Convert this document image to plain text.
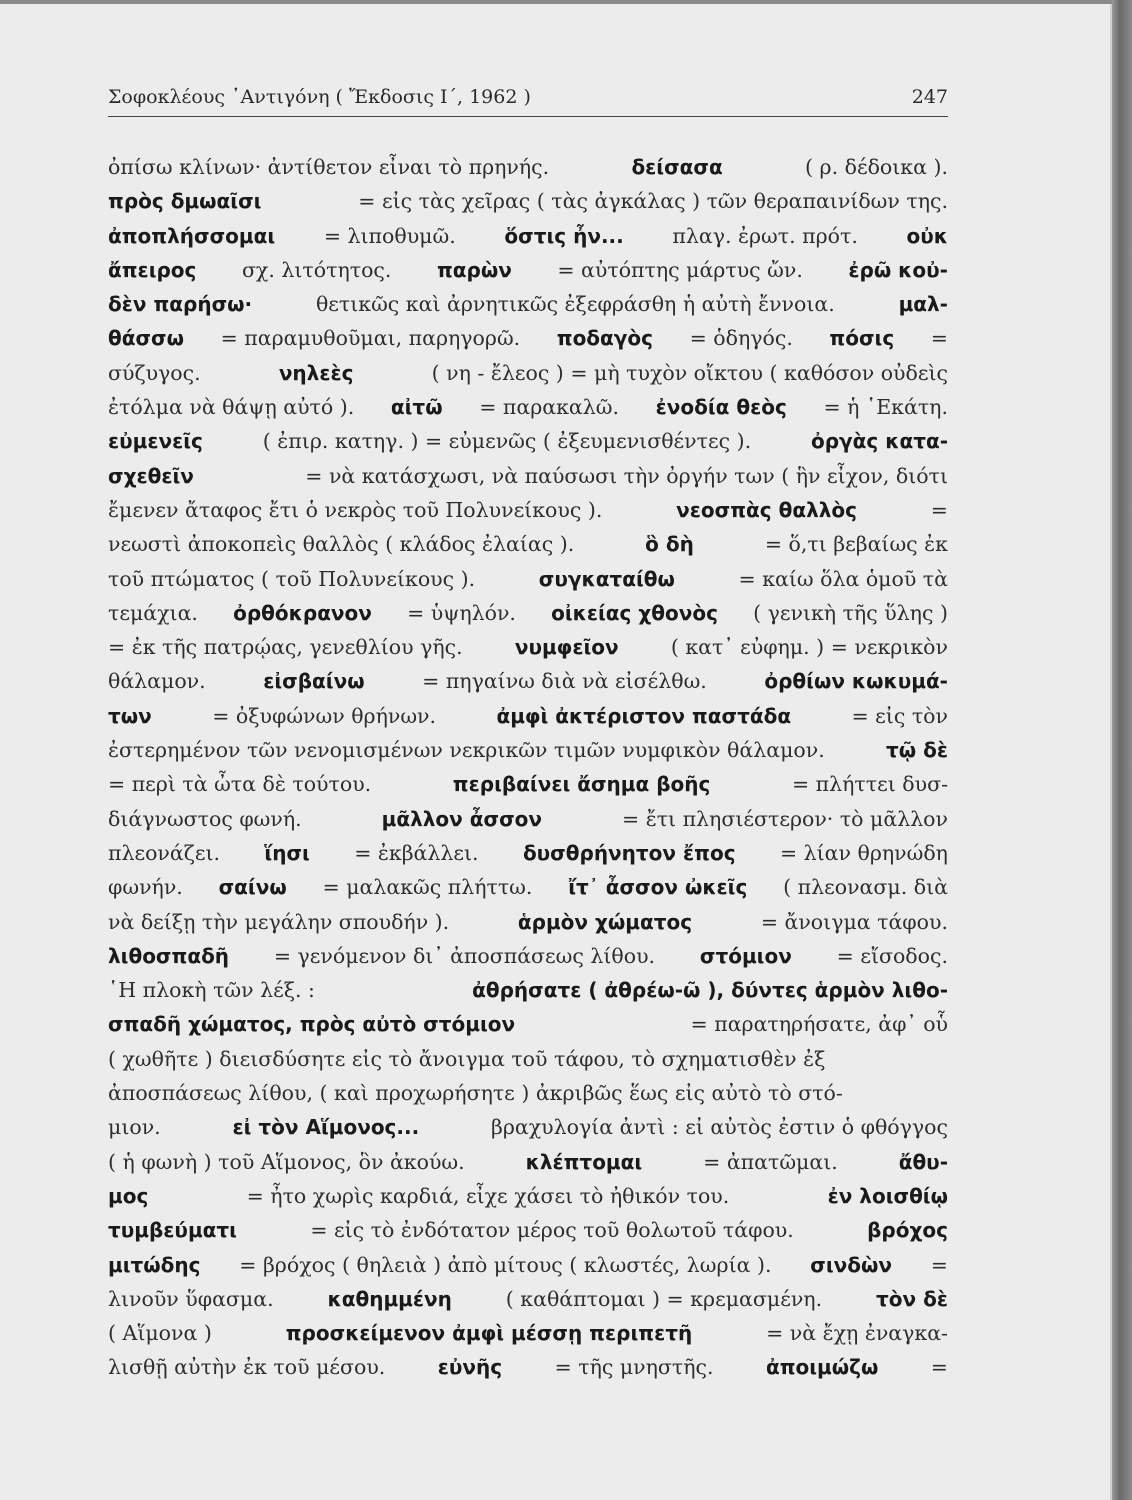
Σοφοκλέους ᾿Αντιγόνη ( Ἔκδοσις Ι΄, 1962 )	247
ὀπίσω κλίνων· ἀντίθετον εἶναι τὸ πρηνής.	δείσασα	( ρ. δέδοικα ).
πρὸς δμωαῖσι	= εἰς τὰς χεῖρας ( τὰς ἀγκάλας ) τῶν θεραπαινίδων της.
ἀποπλήσσομαι = λιποθυμῶ. ὅστις ἦν... πλαγ. ἐρωτ. πρότ. οὐκ
ἄπειρος σχ. λιτότητος. παρὼν = αὐτόπτης μάρτυς ὤν. ἐρῶ κοὐ-
δὲν παρήσω·	θετικῶς καὶ ἀρνητικῶς ἐξεφράσθη ἡ αὐτὴ ἔννοια.	μαλ-
θάσσω = παραμυθοῦμαι, παρηγορῶ. ποδαγὸς = ὁδηγός. πόσις =
σύζυγος.	νηλεὲς	( νη - ἔλεος ) = μὴ τυχὸν οἴκτου ( καθόσον οὐδεὶς
ἐτόλμα νὰ θάψῃ αὐτό ). αἰτῶ = παρακαλῶ. ἐνοδία θεὸς = ἡ ῾Εκάτη.
εὐμενεῖς	( ἐπιρ. κατηγ. ) = εὐμενῶς ( ἐξευμενισθέντες ).	ὀργὰς κατα-
σχεθεῖν	= νὰ κατάσχωσι, νὰ παύσωσι τὴν ὀργήν των ( ἣν εἶχον, διότι
ἔμενεν ἄταφος ἔτι ὁ νεκρὸς τοῦ Πολυνείκους ).	νεοσπὰς θαλλὸς	=
νεωστὶ ἀποκοπεὶς θαλλὸς ( κλάδος ἐλαίας ).	ὃ δὴ	= ὅ,τι βεβαίως ἐκ
τοῦ πτώματος ( τοῦ Πολυνείκους ).	συγκαταίθω	= καίω ὅλα ὁμοῦ τὰ
τεμάχια. ὀρθόκρανον = ὑψηλόν. οἰκείας χθονὸς ( γενικὴ τῆς ὕλης )
= ἐκ τῆς πατρῴας, γενεθλίου γῆς.	νυμφεῖον	( κατ᾿ εὐφημ. ) = νεκρικὸν
θάλαμον.	εἰσβαίνω	= πηγαίνω διὰ νὰ εἰσέλθω.	ὀρθίων κωκυμά-
των	= ὀξυφώνων θρήνων.	ἀμφὶ ἀκτέριστον παστάδα	= εἰς τὸν
ἐστερημένον τῶν νενομισμένων νεκρικῶν τιμῶν νυμφικὸν θάλαμον.	τῷ δὲ
= περὶ τὰ ὦτα δὲ τούτου.	περιβαίνει ἄσημα βοῆς	= πλήττει δυσ-
διάγνωστος φωνή.	μᾶλλον ἆσσον	= ἔτι πλησιέστερον· τὸ μᾶλλον
πλεονάζει. ἵησι = ἐκβάλλει. δυσθρήνητον ἔπος = λίαν θρηνώδη
φωνήν. σαίνω = μαλακῶς πλήττω. ἴτ᾿ ἆσσον ὠκεῖς ( πλεονασμ. διὰ
νὰ δείξῃ τὴν μεγάλην σπουδήν ).	ἁρμὸν χώματος	= ἄνοιγμα τάφου.
λιθοσπαδῆ = γενόμενον δι᾿ ἀποσπάσεως λίθου. στόμιον = εἴσοδος.
῾Η πλοκὴ τῶν λέξ. :	ἀθρήσατε ( ἀθρέω-ῶ ), δύντες ἁρμὸν λιθο-
σπαδῆ χώματος, πρὸς αὐτὸ στόμιον	= παρατηρήσατε, ἀφ᾿ οὗ
( χωθῆτε ) διεισδύσητε εἰς τὸ ἄνοιγμα τοῦ τάφου, τὸ σχηματισθὲν ἐξ
ἀποσπάσεως λίθου, ( καὶ προχωρήσητε ) ἀκριβῶς ἕως εἰς αὐτὸ τὸ στό-
μιον.	εἰ τὸν Αἵμονος...	βραχυλογία ἀντὶ : εἰ αὐτὸς ἐστιν ὁ φθόγγος
( ἡ φωνὴ ) τοῦ Αἵμονος, ὃν ἀκούω.	κλέπτομαι	= ἀπατῶμαι.	ἄθυ-
μος	= ἦτο χωρὶς καρδιά, εἶχε χάσει τὸ ἠθικόν του.	ἐν λοισθίῳ
τυμβεύματι	= εἰς τὸ ἐνδότατον μέρος τοῦ θολωτοῦ τάφου.	βρόχος
μιτώδης = βρόχος ( θηλειὰ ) ἀπὸ μίτους ( κλωστές, λωρία ). σινδὼν =
λινοῦν ὕφασμα.	καθημμένη	( καθάπτομαι ) = κρεμασμένη.	τὸν δὲ
( Αἵμονα )	προσκείμενον ἀμφὶ μέσσῃ περιπετῆ	= νὰ ἔχῃ ἐναγκα-
λισθῇ αὐτὴν ἐκ τοῦ μέσου.	εὐνῆς	= τῆς μνηστῆς.	ἀποιμώζω	=
